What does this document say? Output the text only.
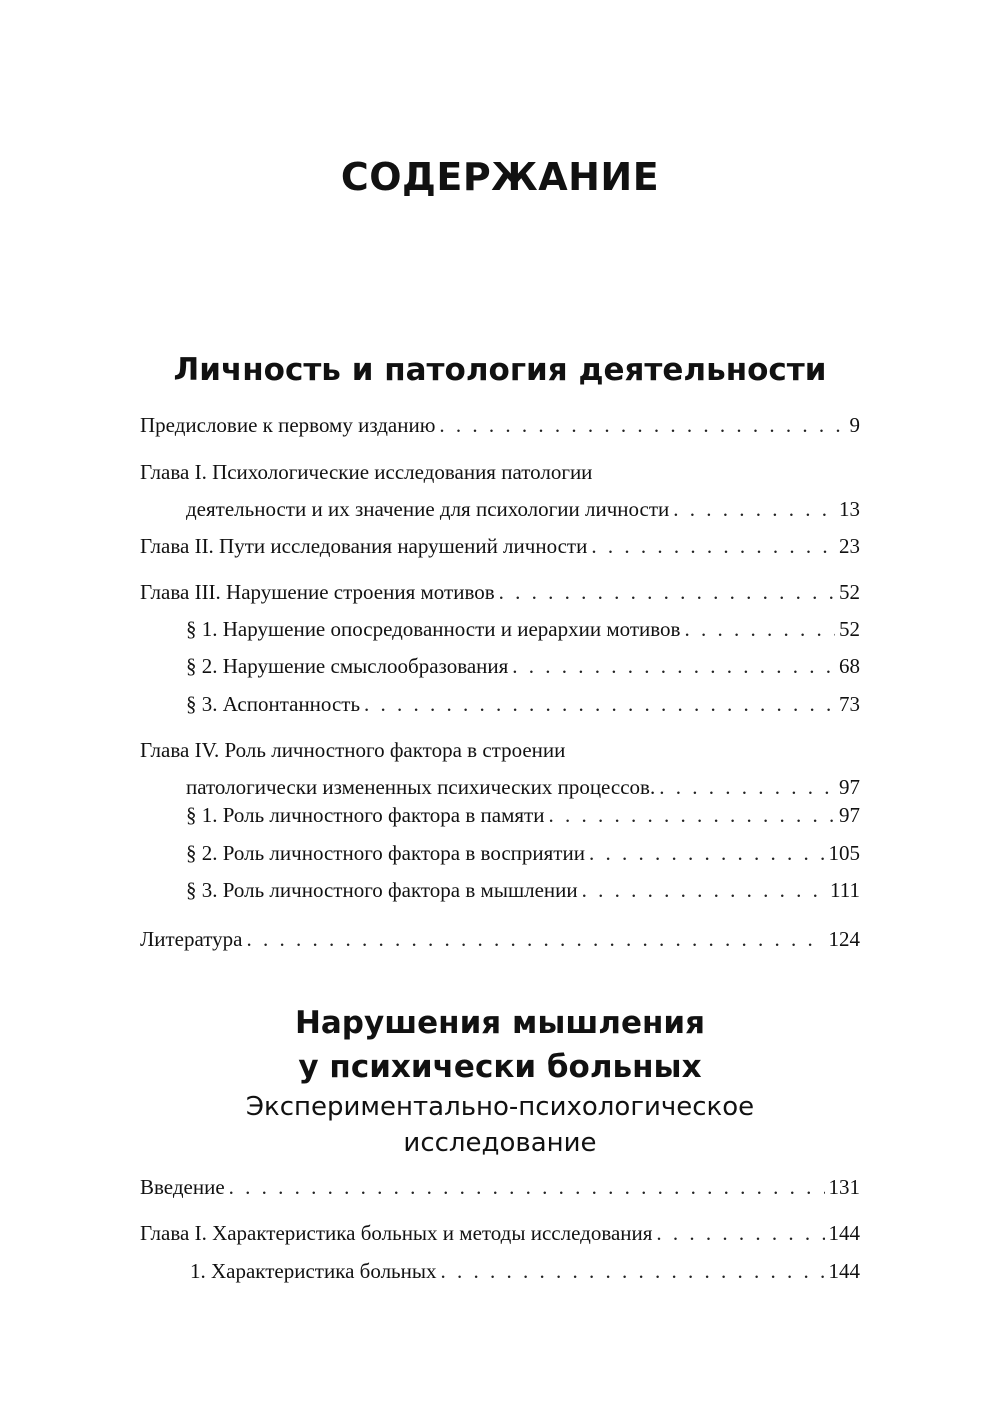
СОДЕРЖАНИЕ
Личность и патология деятельности
Предисловие к первому изданию . . .	9
Глава I. Психологические исследования патологии
деятельности и их значение для психологии личности . . .	13
Глава II. Пути исследования нарушений личности . . .	23
Глава III. Нарушение строения мотивов . . .	52
§ 1. Нарушение опосредованности и иерархии мотивов . . .	52
§ 2. Нарушение смыслообразования . . .	68
§ 3. Аспонтанность . . .	73
Глава IV. Роль личностного фактора в строении
патологически измененных психических процессов. . . .	97
§ 1. Роль личностного фактора в памяти . . .	97
§ 2. Роль личностного фактора в восприятии . . .	105
§ 3. Роль личностного фактора в мышлении . . .	111
Литература . . .	124
Нарушения мышления
у психически больных
Экспериментально-психологическое
исследование
Введение . . .	131
Глава I. Характеристика больных и методы исследования . . .	144
1. Характеристика больных . . .	144
